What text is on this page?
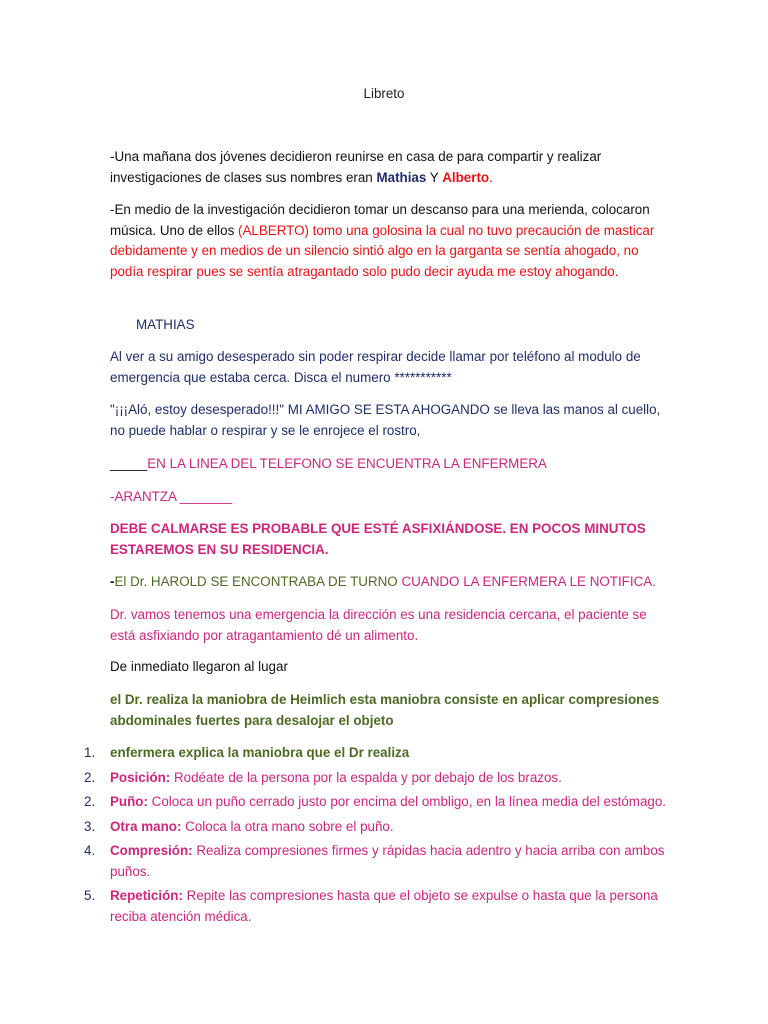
Libreto

-Una mañana dos jóvenes decidieron reunirse en casa de para compartir y realizar investigaciones de clases sus nombres eran Mathias Y Alberto.

-En medio de la investigación decidieron tomar un descanso para una merienda, colocaron música. Uno de ellos (ALBERTO) tomo una golosina la cual no tuvo precaución de masticar debidamente y en medios de un silencio sintió algo en la garganta se sentía ahogado, no podía respirar pues se sentía atragantado solo pudo decir ayuda me estoy ahogando.

MATHIAS

Al ver a su amigo desesperado sin poder respirar decide llamar por teléfono al modulo de emergencia que estaba cerca. Disca el numero ***********

"¡¡¡Aló, estoy desesperado!!!" MI AMIGO SE ESTA AHOGANDO se lleva las manos al cuello, no puede hablar o respirar y se le enrojece el rostro,

_____EN LA LINEA DEL TELEFONO SE ENCUENTRA LA ENFERMERA

-ARANTZA _______

DEBE CALMARSE ES PROBABLE QUE ESTÉ ASFIXIÁNDOSE. EN POCOS MINUTOS ESTAREMOS EN SU RESIDENCIA.

-El Dr. HAROLD SE ENCONTRABA DE TURNO CUANDO LA ENFERMERA LE NOTIFICA.

Dr. vamos tenemos una emergencia la dirección es una residencia cercana, el paciente se está asfixiando por atragantamiento dé un alimento.

De inmediato llegaron al lugar

el Dr. realiza la maniobra de Heimlich esta maniobra consiste en aplicar compresiones abdominales fuertes para desalojar el objeto

1. enfermera explica la maniobra que el Dr realiza
2. Posición: Rodéate de la persona por la espalda y por debajo de los brazos.
2. Puño: Coloca un puño cerrado justo por encima del ombligo, en la línea media del estómago.
3. Otra mano: Coloca la otra mano sobre el puño.
4. Compresión: Realiza compresiones firmes y rápidas hacia adentro y hacia arriba con ambos puños.
5. Repetición: Repite las compresiones hasta que el objeto se expulse o hasta que la persona reciba atención médica.
